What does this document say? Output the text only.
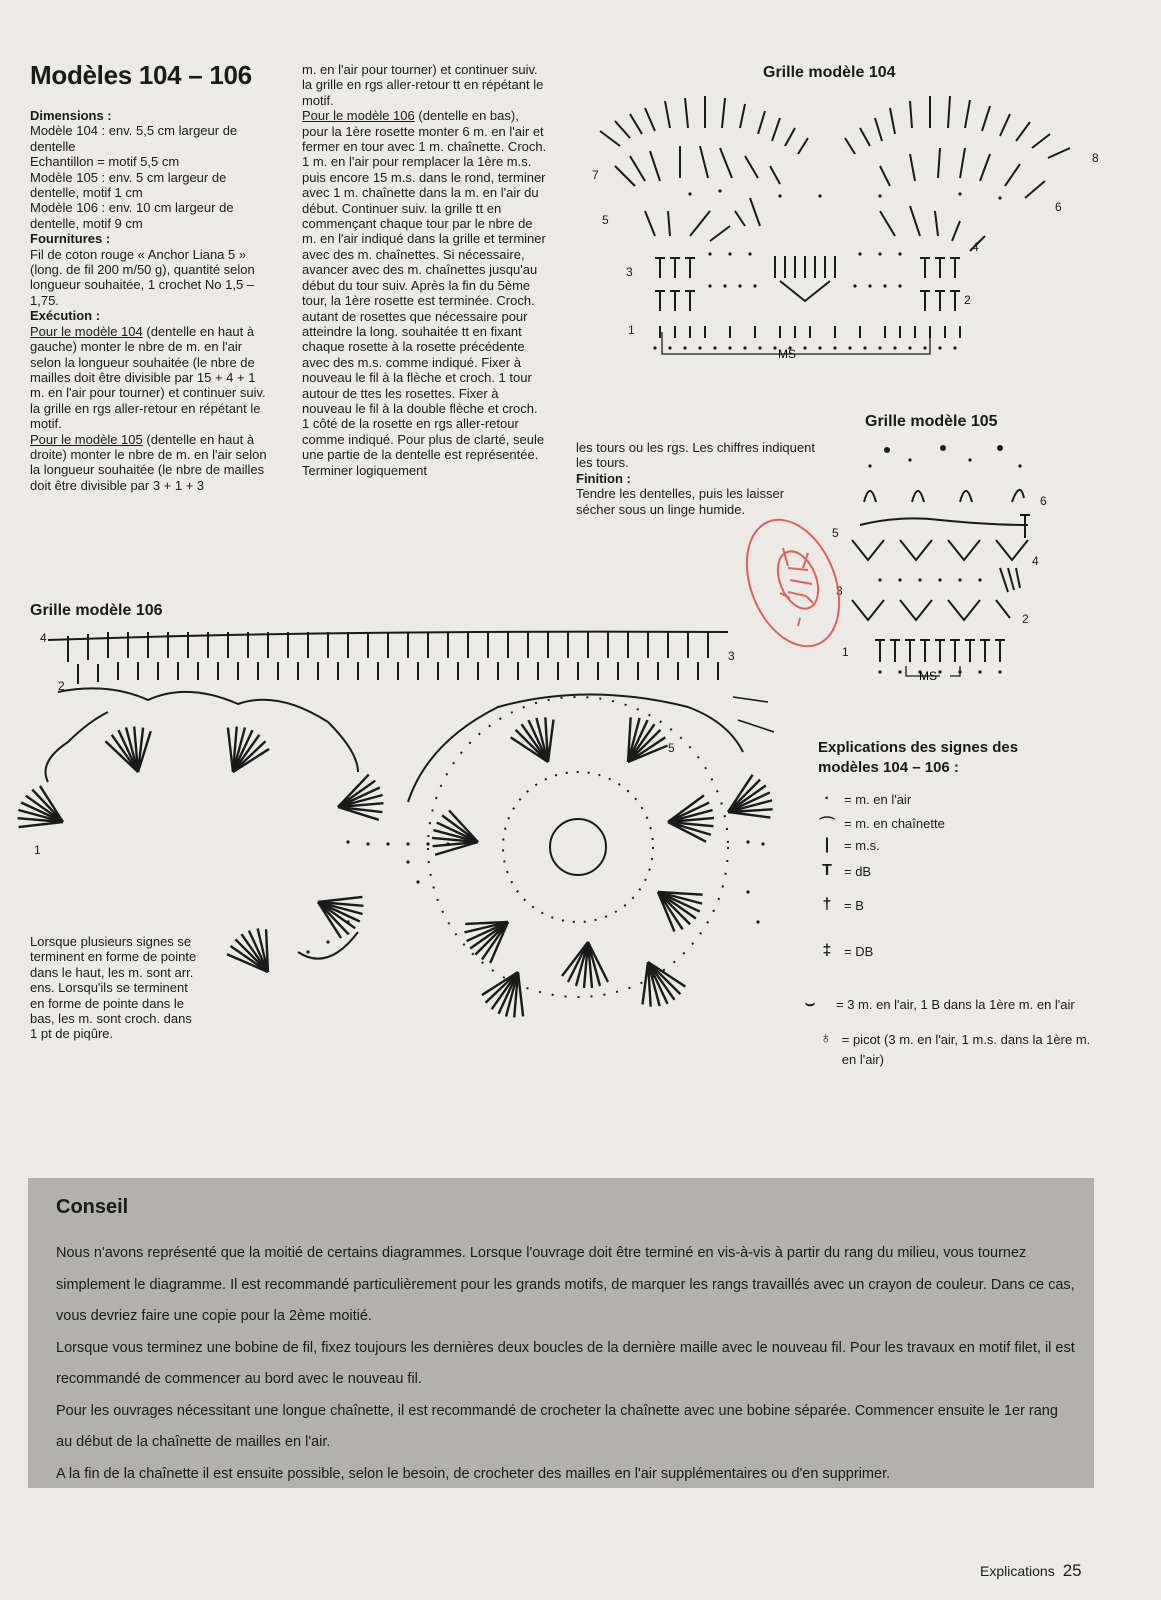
Modèles 104 – 106

Dimensions :

Modèle 104 : env. 5,5 cm largeur de dentelle

Echantillon = motif 5,5 cm

Modèle 105 : env. 5 cm largeur de dentelle, motif 1 cm

Modèle 106 : env. 10 cm largeur de dentelle, motif 9 cm

Fournitures :

Fil de coton rouge « Anchor Liana 5 » (long. de fil 200 m/50 g), quantité selon longueur souhaitée, 1 crochet No 1,5 – 1,75.

Exécution :

Pour le modèle 104 (dentelle en haut à gauche) monter le nbre de m. en l'air selon la longueur souhaitée (le nbre de mailles doit être divisible par 15 + 4 + 1 m. en l'air pour tourner) et continuer suiv. la grille en rgs aller-retour en répétant le motif.

Pour le modèle 105 (dentelle en haut à droite) monter le nbre de m. en l'air selon la longueur souhaitée (le nbre de mailles doit être divisible par 3 + 1 + 3

m. en l'air pour tourner) et continuer suiv. la grille en rgs aller-retour tt en répétant le motif.

Pour le modèle 106 (dentelle en bas), pour la 1ère rosette monter 6 m. en l'air et fermer en tour avec 1 m. chaînette. Croch. 1 m. en l'air pour remplacer la 1ère m.s. puis encore 15 m.s. dans le rond, terminer avec 1 m. chaînette dans la m. en l'air du début. Continuer suiv. la grille tt en commençant chaque tour par le nbre de m. en l'air indiqué dans la grille et terminer avec des m. chaînettes. Si nécessaire, avancer avec des m. chaînettes jusqu'au début du tour suiv. Après la fin du 5ème tour, la 1ère rosette est terminée. Croch. autant de rosettes que nécessaire pour atteindre la long. souhaitée tt en fixant chaque rosette à la rosette précédente avec des m.s. comme indiqué. Fixer à nouveau le fil à la flèche et croch. 1 tour autour de ttes les rosettes. Fixer à nouveau le fil à la double flèche et croch. 1 côté de la rosette en rgs aller-retour comme indiqué. Pour plus de clarté, seule une partie de la dentelle est représentée. Terminer logiquement

les tours ou les rgs. Les chiffres indiquent les tours.

Finition :

Tendre les dentelles, puis les laisser sécher sous un linge humide.

Grille modèle 104
MS
1
2
3
4
5
6
7
8
Grille modèle 105
MS
1
2
3
4
5
6
Grille modèle 106
1
2
3
4
5
Lorsque plusieurs signes se terminent en forme de pointe dans le haut, les m. sont arr. ens. Lorsqu'ils se terminent en forme de pointe dans le bas, les m. sont croch. dans 1 pt de piqûre.
Explications des signes des modèles 104 – 106 :
·	= m. en l'air
⌒ = m. en chaînette
|	= m.s.
T = dB
† = B
‡ = DB
⌣	= 3 m. en l'air, 1 B dans la 1ère m. en l'air
♁ = picot (3 m. en l'air, 1 m.s. dans la 1ère m. en l'air)
Conseil

Nous n'avons représenté que la moitié de certains diagrammes. Lorsque l'ouvrage doit être terminé en vis-à-vis à partir du rang du milieu, vous tournez simplement le diagramme. Il est recommandé particulièrement pour les grands motifs, de marquer les rangs travaillés avec un crayon de couleur. Dans ce cas, vous devriez faire une copie pour la 2ème moitié.

Lorsque vous terminez une bobine de fil, fixez toujours les dernières deux boucles de la dernière maille avec le nouveau fil. Pour les travaux en motif filet, il est recommandé de commencer au bord avec le nouveau fil.

Pour les ouvrages nécessitant une longue chaînette, il est recommandé de crocheter la chaînette avec une bobine séparée. Commencer ensuite le 1er rang au début de la chaînette de mailles en l'air.

A la fin de la chaînette il est ensuite possible, selon le besoin, de crocheter des mailles en l'air supplémentaires ou d'en supprimer.

Explications 25
